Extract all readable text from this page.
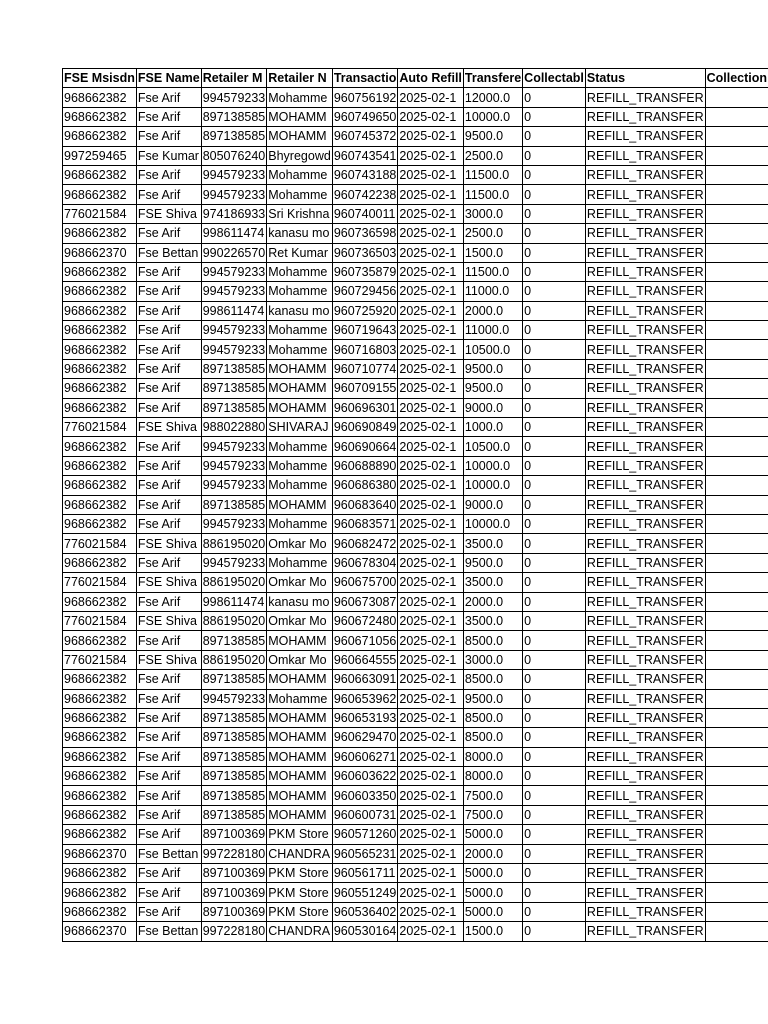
FSE Msisdn	FSE Name	Retailer M	Retailer N	Transactio	Auto Refill	Transfere	Collectabl	Status	Collection
968662382	Fse Arif	994579233	Mohamme	960756192	2025-02-1	12000.0	0	REFILL_TRANSFER	
968662382	Fse Arif	897138585	MOHAMM	960749650	2025-02-1	10000.0	0	REFILL_TRANSFER	
968662382	Fse Arif	897138585	MOHAMM	960745372	2025-02-1	9500.0	0	REFILL_TRANSFER	
997259465	Fse Kumar	805076240	Bhyregowd	960743541	2025-02-1	2500.0	0	REFILL_TRANSFER	
968662382	Fse Arif	994579233	Mohamme	960743188	2025-02-1	11500.0	0	REFILL_TRANSFER	
968662382	Fse Arif	994579233	Mohamme	960742238	2025-02-1	11500.0	0	REFILL_TRANSFER	
776021584	FSE Shiva	974186933	Sri Krishna	960740011	2025-02-1	3000.0	0	REFILL_TRANSFER	
968662382	Fse Arif	998611474	kanasu mo	960736598	2025-02-1	2500.0	0	REFILL_TRANSFER	
968662370	Fse Bettan	990226570	Ret Kumar	960736503	2025-02-1	1500.0	0	REFILL_TRANSFER	
968662382	Fse Arif	994579233	Mohamme	960735879	2025-02-1	11500.0	0	REFILL_TRANSFER	
968662382	Fse Arif	994579233	Mohamme	960729456	2025-02-1	11000.0	0	REFILL_TRANSFER	
968662382	Fse Arif	998611474	kanasu mo	960725920	2025-02-1	2000.0	0	REFILL_TRANSFER	
968662382	Fse Arif	994579233	Mohamme	960719643	2025-02-1	11000.0	0	REFILL_TRANSFER	
968662382	Fse Arif	994579233	Mohamme	960716803	2025-02-1	10500.0	0	REFILL_TRANSFER	
968662382	Fse Arif	897138585	MOHAMM	960710774	2025-02-1	9500.0	0	REFILL_TRANSFER	
968662382	Fse Arif	897138585	MOHAMM	960709155	2025-02-1	9500.0	0	REFILL_TRANSFER	
968662382	Fse Arif	897138585	MOHAMM	960696301	2025-02-1	9000.0	0	REFILL_TRANSFER	
776021584	FSE Shiva	988022880	SHIVARAJ	960690849	2025-02-1	1000.0	0	REFILL_TRANSFER	
968662382	Fse Arif	994579233	Mohamme	960690664	2025-02-1	10500.0	0	REFILL_TRANSFER	
968662382	Fse Arif	994579233	Mohamme	960688890	2025-02-1	10000.0	0	REFILL_TRANSFER	
968662382	Fse Arif	994579233	Mohamme	960686380	2025-02-1	10000.0	0	REFILL_TRANSFER	
968662382	Fse Arif	897138585	MOHAMM	960683640	2025-02-1	9000.0	0	REFILL_TRANSFER	
968662382	Fse Arif	994579233	Mohamme	960683571	2025-02-1	10000.0	0	REFILL_TRANSFER	
776021584	FSE Shiva	886195020	Omkar Mo	960682472	2025-02-1	3500.0	0	REFILL_TRANSFER	
968662382	Fse Arif	994579233	Mohamme	960678304	2025-02-1	9500.0	0	REFILL_TRANSFER	
776021584	FSE Shiva	886195020	Omkar Mo	960675700	2025-02-1	3500.0	0	REFILL_TRANSFER	
968662382	Fse Arif	998611474	kanasu mo	960673087	2025-02-1	2000.0	0	REFILL_TRANSFER	
776021584	FSE Shiva	886195020	Omkar Mo	960672480	2025-02-1	3500.0	0	REFILL_TRANSFER	
968662382	Fse Arif	897138585	MOHAMM	960671056	2025-02-1	8500.0	0	REFILL_TRANSFER	
776021584	FSE Shiva	886195020	Omkar Mo	960664555	2025-02-1	3000.0	0	REFILL_TRANSFER	
968662382	Fse Arif	897138585	MOHAMM	960663091	2025-02-1	8500.0	0	REFILL_TRANSFER	
968662382	Fse Arif	994579233	Mohamme	960653962	2025-02-1	9500.0	0	REFILL_TRANSFER	
968662382	Fse Arif	897138585	MOHAMM	960653193	2025-02-1	8500.0	0	REFILL_TRANSFER	
968662382	Fse Arif	897138585	MOHAMM	960629470	2025-02-1	8500.0	0	REFILL_TRANSFER	
968662382	Fse Arif	897138585	MOHAMM	960606271	2025-02-1	8000.0	0	REFILL_TRANSFER	
968662382	Fse Arif	897138585	MOHAMM	960603622	2025-02-1	8000.0	0	REFILL_TRANSFER	
968662382	Fse Arif	897138585	MOHAMM	960603350	2025-02-1	7500.0	0	REFILL_TRANSFER	
968662382	Fse Arif	897138585	MOHAMM	960600731	2025-02-1	7500.0	0	REFILL_TRANSFER	
968662382	Fse Arif	897100369	PKM Store	960571260	2025-02-1	5000.0	0	REFILL_TRANSFER	
968662370	Fse Bettan	997228180	CHANDRA	960565231	2025-02-1	2000.0	0	REFILL_TRANSFER	
968662382	Fse Arif	897100369	PKM Store	960561711	2025-02-1	5000.0	0	REFILL_TRANSFER	
968662382	Fse Arif	897100369	PKM Store	960551249	2025-02-1	5000.0	0	REFILL_TRANSFER	
968662382	Fse Arif	897100369	PKM Store	960536402	2025-02-1	5000.0	0	REFILL_TRANSFER	
968662370	Fse Bettan	997228180	CHANDRA	960530164	2025-02-1	1500.0	0	REFILL_TRANSFER	
